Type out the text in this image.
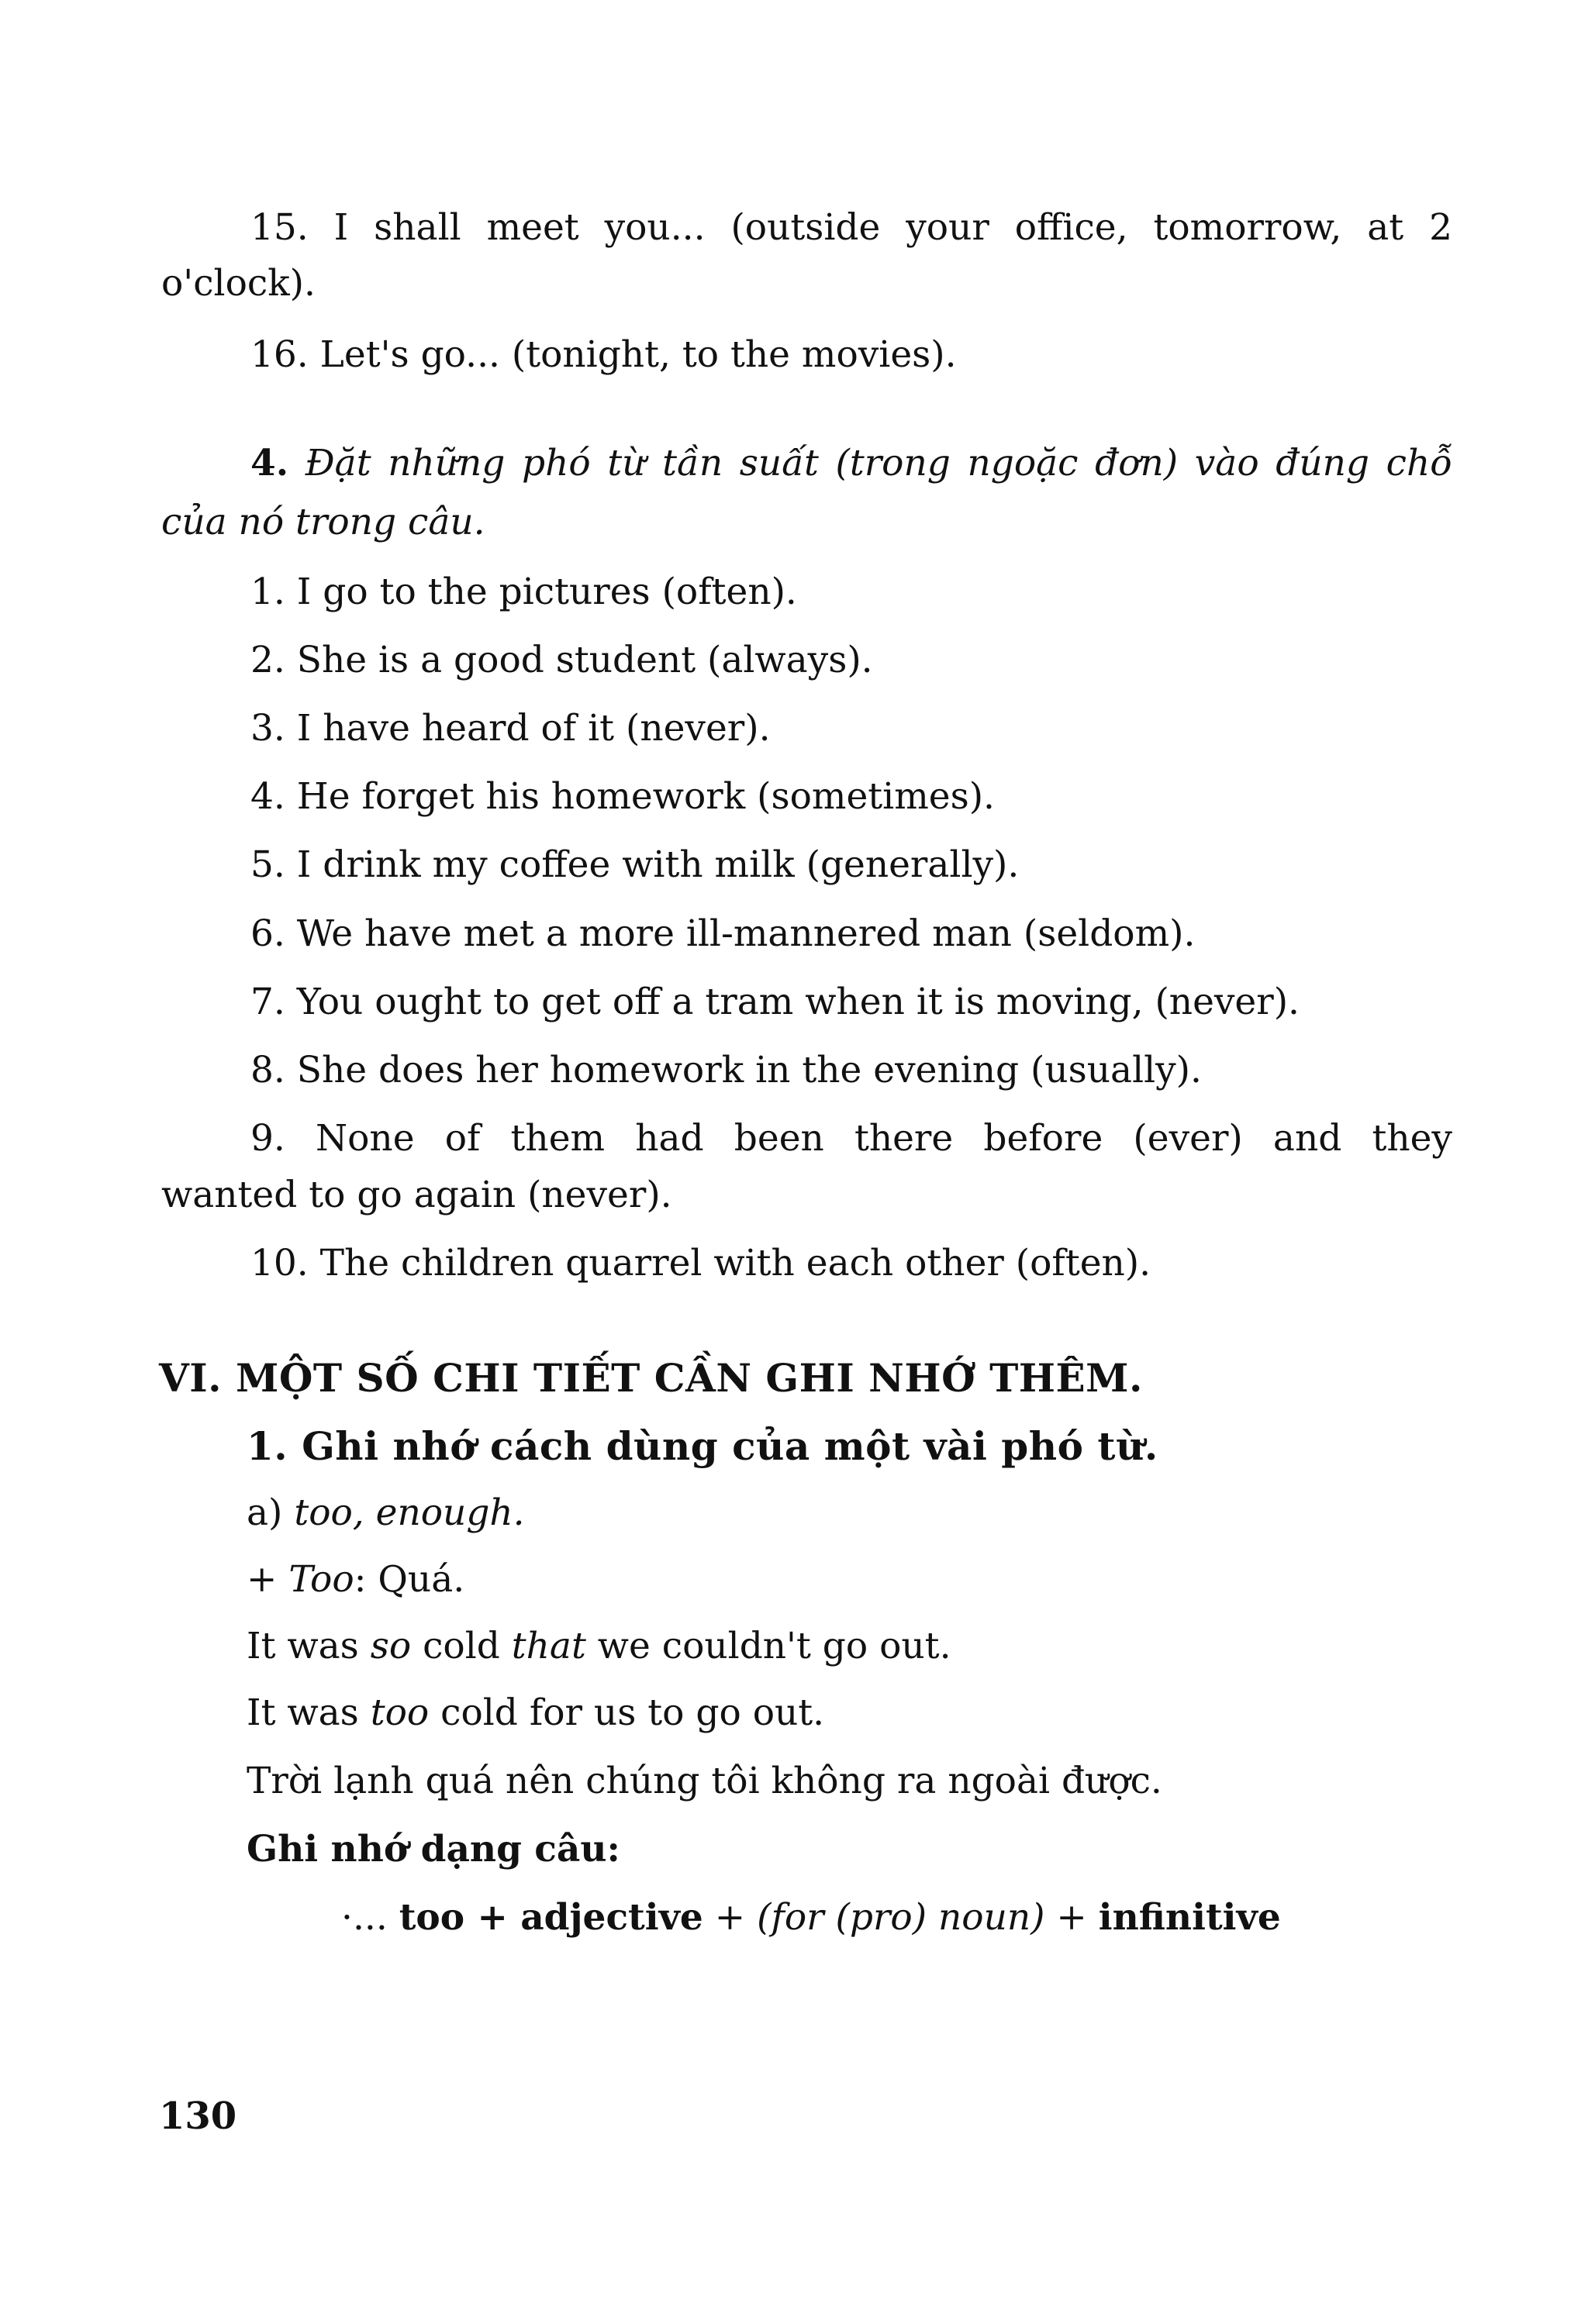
15. I shall meet you... (outside your office, tomorrow, at 2
o'clock).
16. Let's go... (tonight, to the movies).
4. Đặt những phó từ tần suất (trong ngoặc đơn) vào đúng chỗ
của nó trong câu.
1. I go to the pictures (often).
2. She is a good student (always).
3. I have heard of it (never).
4. He forget his homework (sometimes).
5. I drink my coffee with milk (generally).
6. We have met a more ill-mannered man (seldom).
7. You ought to get off a tram when it is moving, (never).
8. She does her homework in the evening (usually).
9. None of them had been there before (ever) and they
wanted to go again (never).
10. The children quarrel with each other (often).
VI. MỘT SỐ CHI TIẾT CẦN GHI NHỚ THÊM.
1. Ghi nhớ cách dùng của một vài phó từ.
a) too, enough.
+ Too: Quá.
It was so cold that we couldn't go out.
It was too cold for us to go out.
Trời lạnh quá nên chúng tôi không ra ngoài được.
Ghi nhớ dạng câu:
·... too + adjective + (for (pro) noun) + infinitive
130
